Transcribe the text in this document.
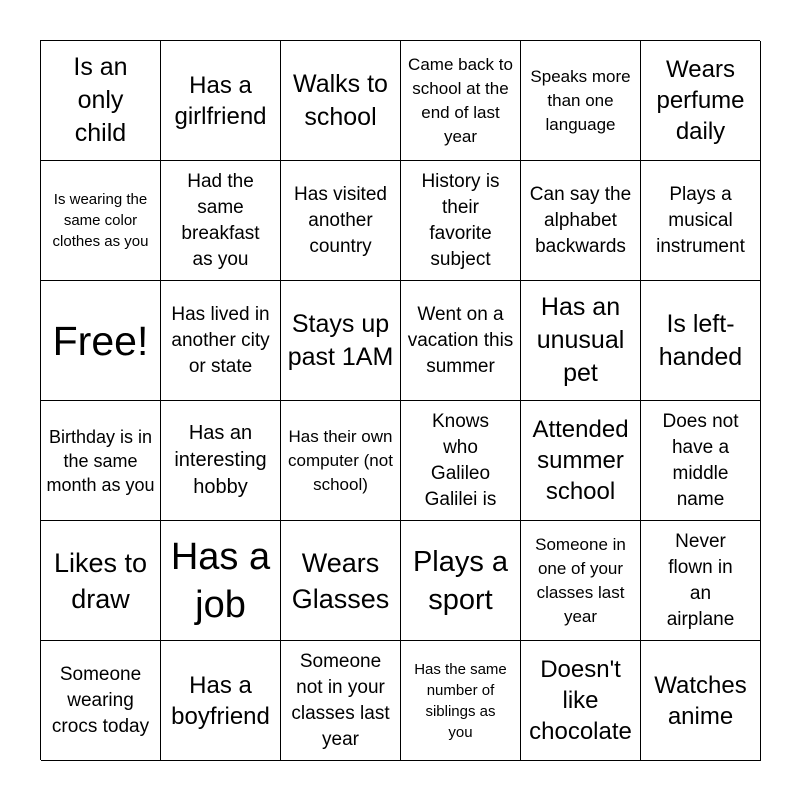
Is an only child
Has a girlfriend
Walks to school
Came back to school at the end of last year
Speaks more than one language
Wears perfume daily
Is wearing the same color clothes as you
Had the same breakfast as you
Has visited another country
History is their favorite subject
Can say the alphabet backwards
Plays a musical instrument
Free!
Has lived in another city or state
Stays up past 1AM
Went on a vacation this summer
Has an unusual pet
Is left-handed
Birthday is in the same month as you
Has an interesting hobby
Has their own computer (not school)
Knows who Galileo Galilei is
Attended summer school
Does not have a middle name
Likes to draw
Has a job
Wears Glasses
Plays a sport
Someone in one of your classes last year
Never flown in an airplane
Someone wearing crocs today
Has a boyfriend
Someone not in your classes last year
Has the same number of siblings as you
Doesn't like chocolate
Watches anime
